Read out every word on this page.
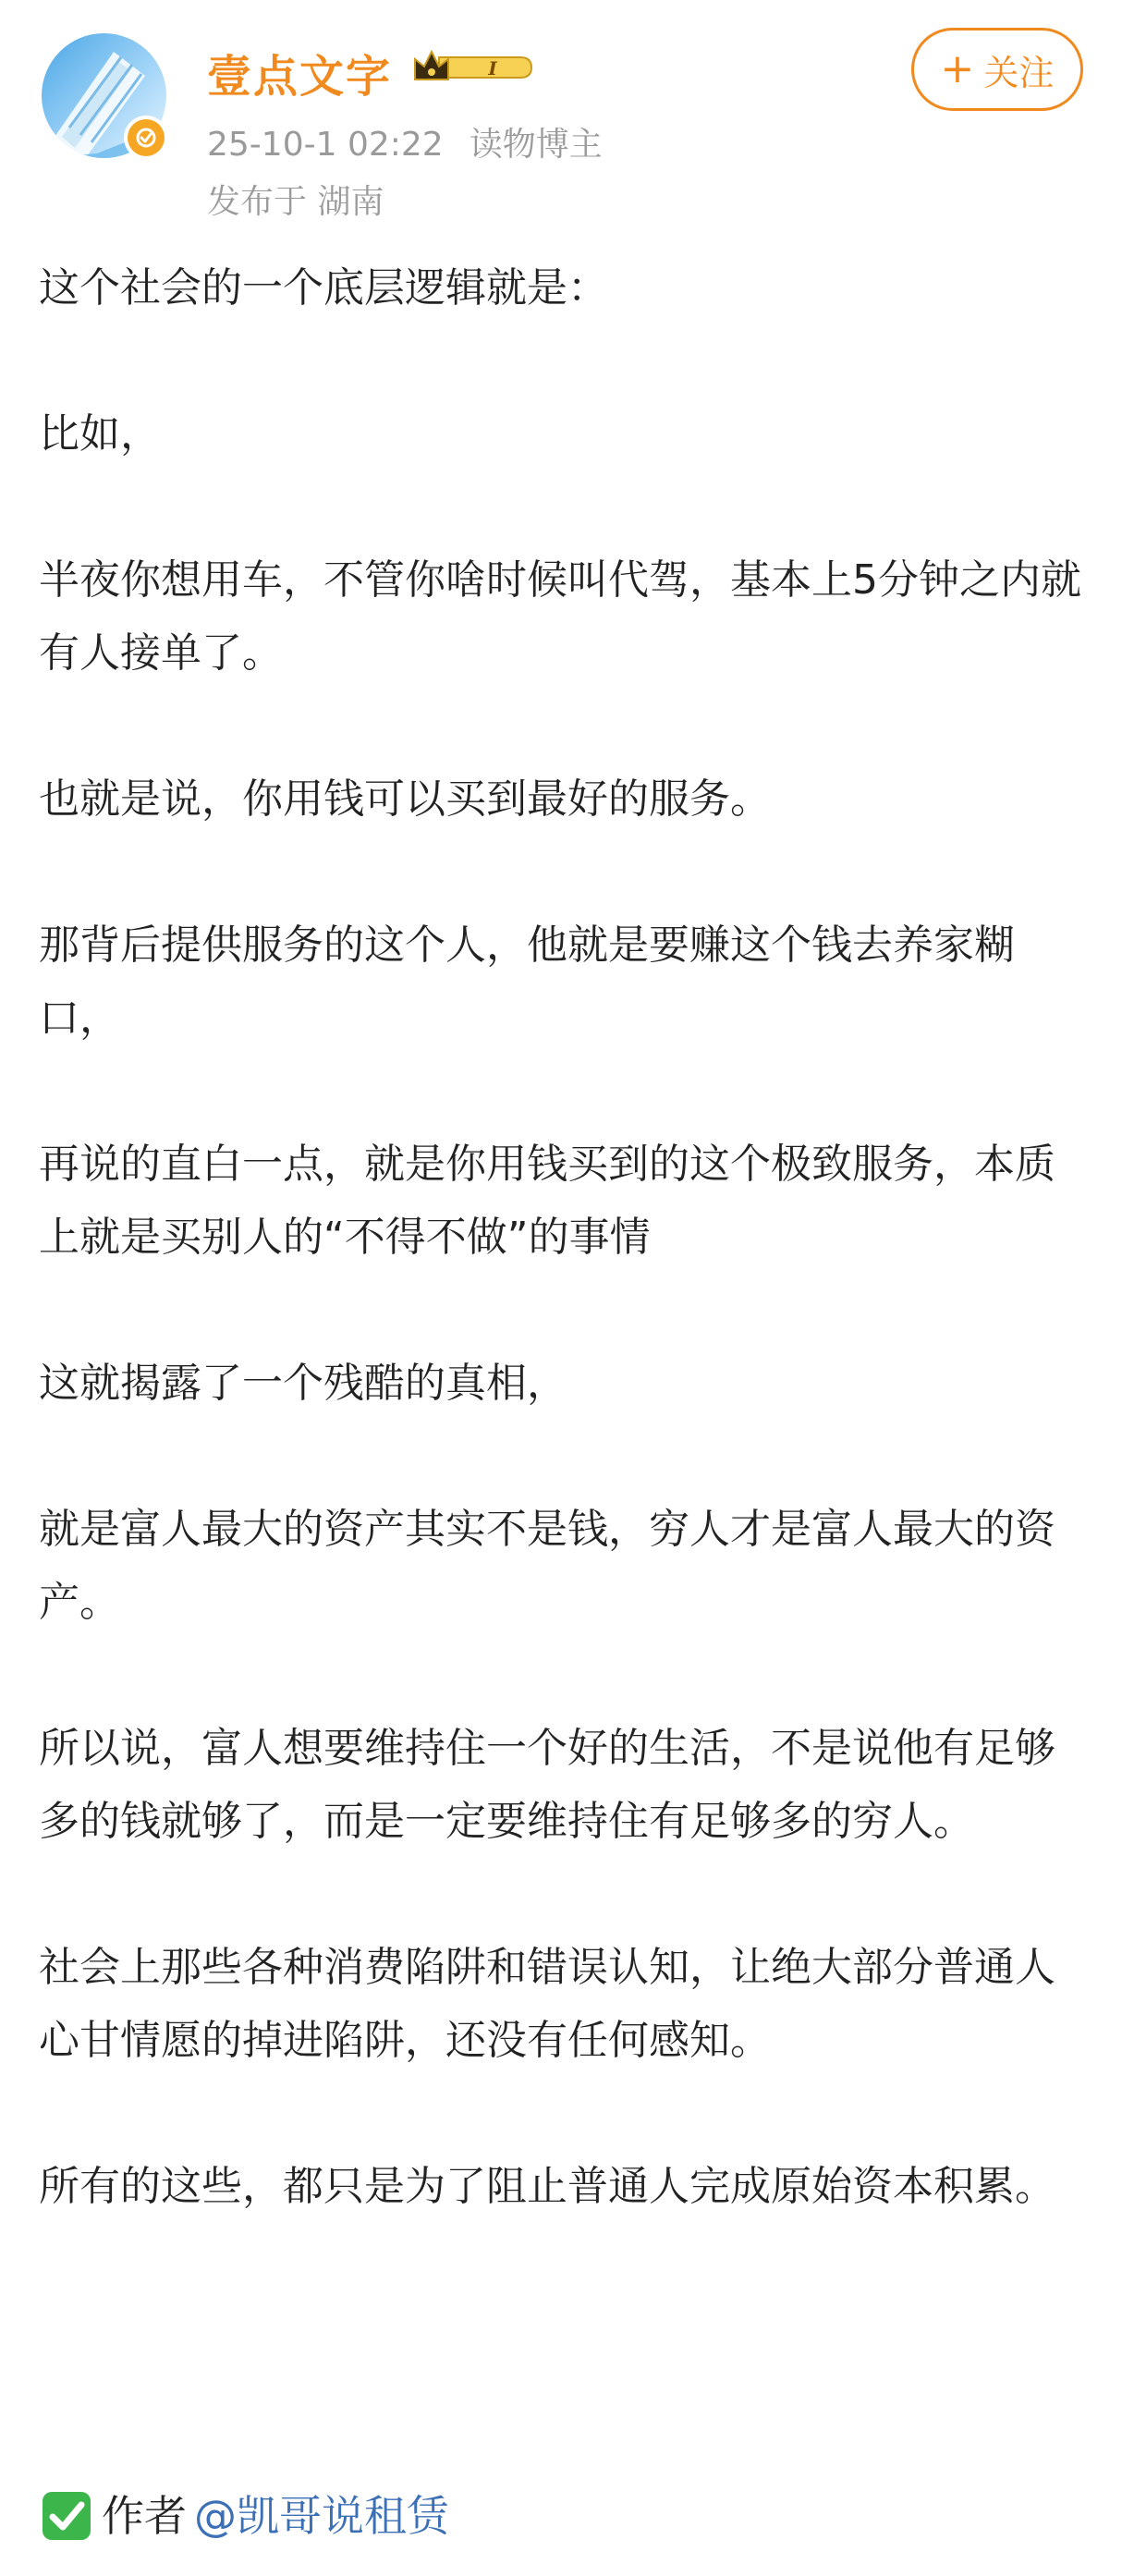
壹点文字	I
25-10-1 02:22 读物博主
发布于 湖南
+ 关注

这个社会的一个底层逻辑就是：

比如，

半夜你想用车，不管你啥时候叫代驾，基本上5分钟之内就有人接单了。

也就是说，你用钱可以买到最好的服务。

那背后提供服务的这个人，他就是要赚这个钱去养家糊口，

再说的直白一点，就是你用钱买到的这个极致服务，本质上就是买别人的“不得不做”的事情

这就揭露了一个残酷的真相，

就是富人最大的资产其实不是钱，穷人才是富人最大的资产。

所以说，富人想要维持住一个好的生活，不是说他有足够多的钱就够了，而是一定要维持住有足够多的穷人。

社会上那些各种消费陷阱和错误认知，让绝大部分普通人心甘情愿的掉进陷阱，还没有任何感知。

所有的这些，都只是为了阻止普通人完成原始资本积累。

作者 @凯哥说租赁
